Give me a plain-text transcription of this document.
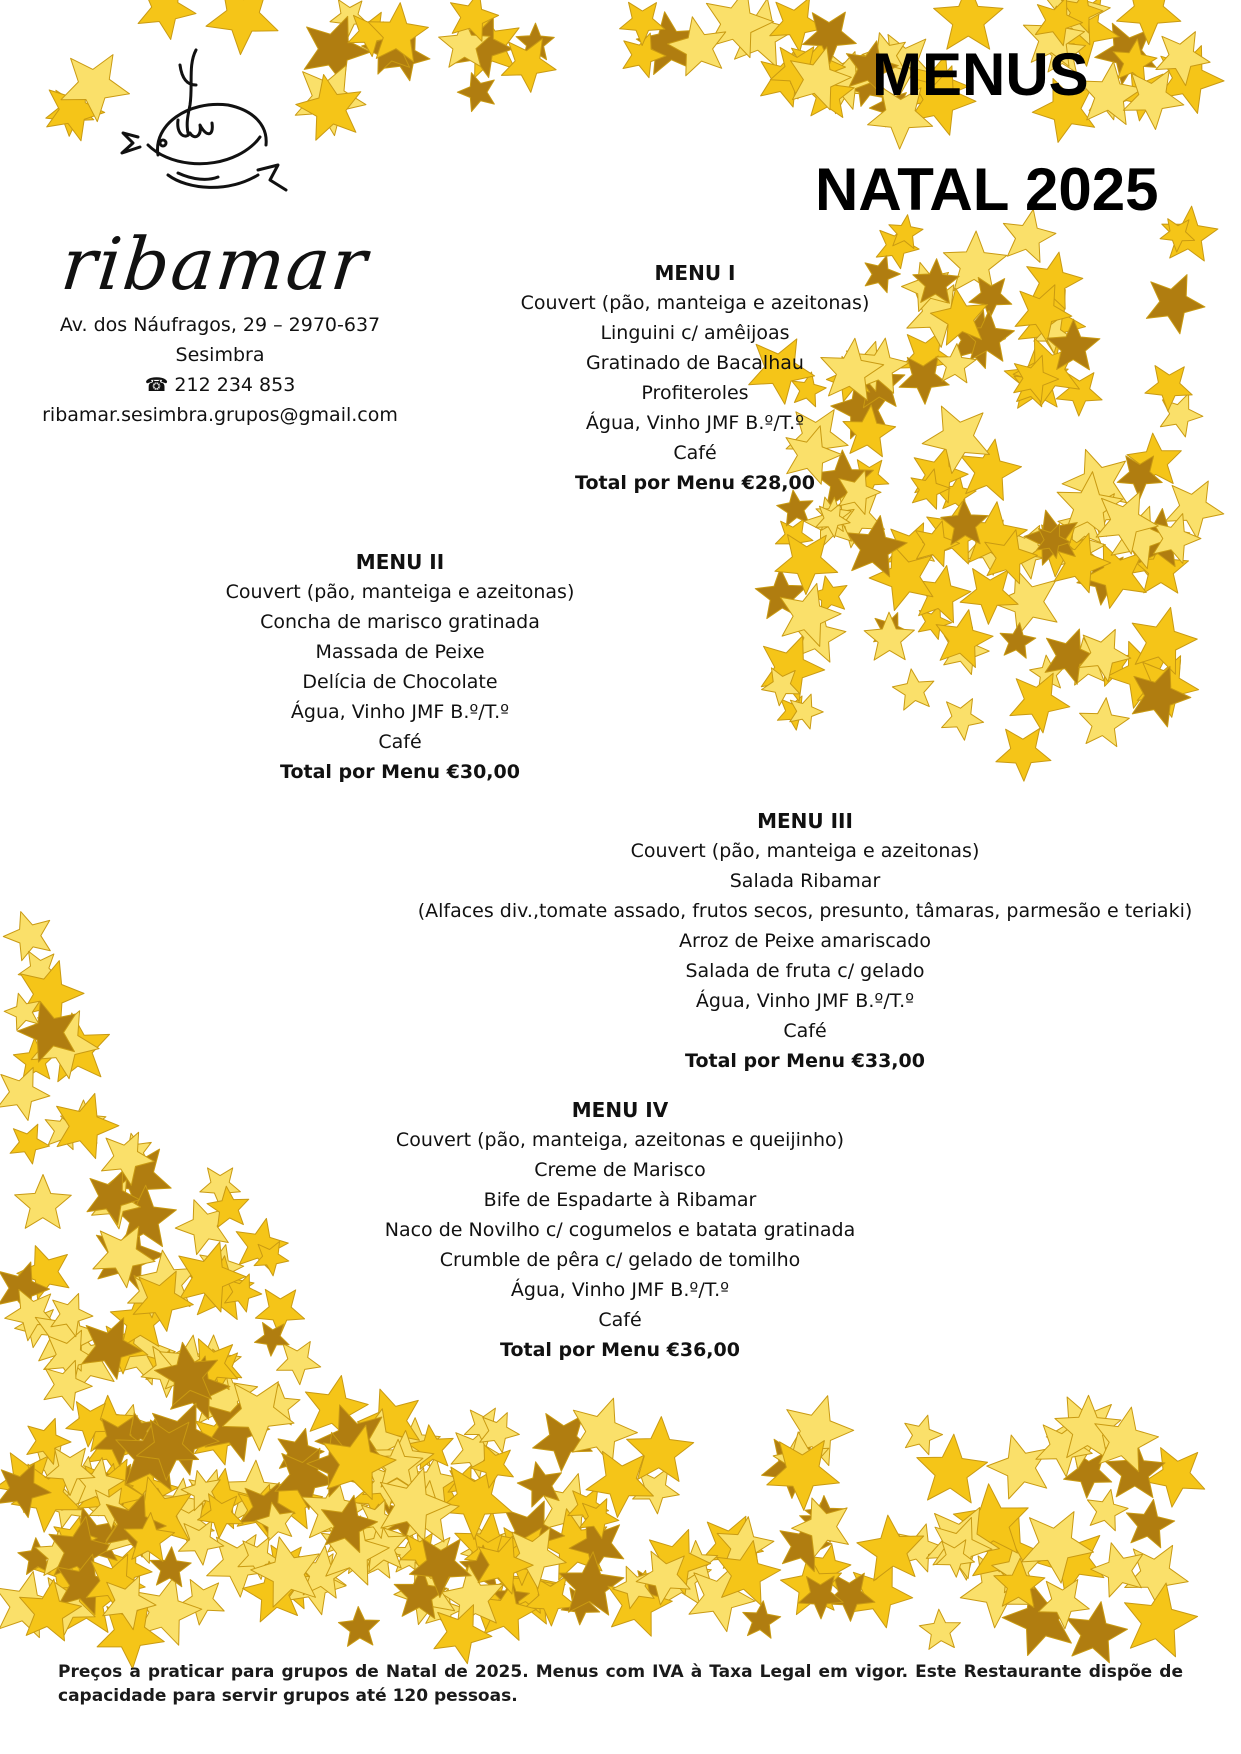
MENUS
NATAL 2025
ribamar
Av. dos Náufragos, 29 – 2970-637
Sesimbra
☎ 212 234 853
ribamar.sesimbra.grupos@gmail.com
MENU I
Couvert (pão, manteiga e azeitonas)
Linguini c/ amêijoas
Gratinado de Bacalhau
Profiteroles
Água, Vinho JMF B.º/T.º
Café
Total por Menu €28,00
MENU II
Couvert (pão, manteiga e azeitonas)
Concha de marisco gratinada
Massada de Peixe
Delícia de Chocolate
Água, Vinho JMF B.º/T.º
Café
Total por Menu €30,00
MENU III
Couvert (pão, manteiga e azeitonas)
Salada Ribamar
(Alfaces div.,tomate assado, frutos secos, presunto, tâmaras, parmesão e teriaki)
Arroz de Peixe amariscado
Salada de fruta c/ gelado
Água, Vinho JMF B.º/T.º
Café
Total por Menu €33,00
MENU IV
Couvert (pão, manteiga, azeitonas e queijinho)
Creme de Marisco
Bife de Espadarte à Ribamar
Naco de Novilho c/ cogumelos e batata gratinada
Crumble de pêra c/ gelado de tomilho
Água, Vinho JMF B.º/T.º
Café
Total por Menu €36,00
Preços a praticar para grupos de Natal de 2025. Menus com IVA à Taxa Legal em vigor. Este Restaurante dispõe de capacidade para servir grupos até 120 pessoas.
